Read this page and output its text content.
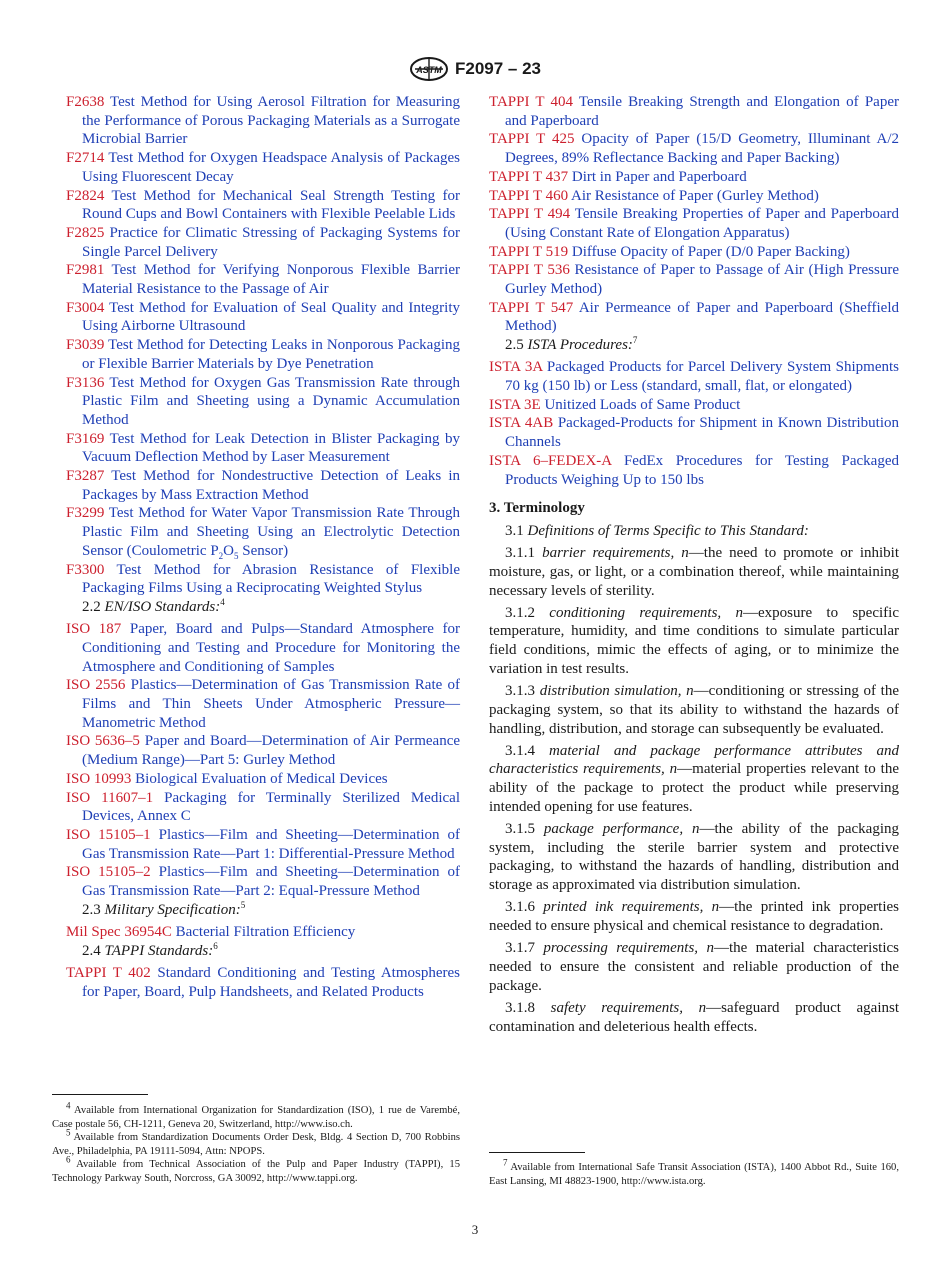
ASTM F2097 – 23

F2638 Test Method for Using Aerosol Filtration for Measuring the Performance of Porous Packaging Materials as a Surrogate Microbial Barrier

F2714 Test Method for Oxygen Headspace Analysis of Packages Using Fluorescent Decay

F2824 Test Method for Mechanical Seal Strength Testing for Round Cups and Bowl Containers with Flexible Peelable Lids

F2825 Practice for Climatic Stressing of Packaging Systems for Single Parcel Delivery

F2981 Test Method for Verifying Nonporous Flexible Barrier Material Resistance to the Passage of Air

F3004 Test Method for Evaluation of Seal Quality and Integrity Using Airborne Ultrasound

F3039 Test Method for Detecting Leaks in Nonporous Packaging or Flexible Barrier Materials by Dye Penetration

F3136 Test Method for Oxygen Gas Transmission Rate through Plastic Film and Sheeting using a Dynamic Accumulation Method

F3169 Test Method for Leak Detection in Blister Packaging by Vacuum Deflection Method by Laser Measurement

F3287 Test Method for Nondestructive Detection of Leaks in Packages by Mass Extraction Method

F3299 Test Method for Water Vapor Transmission Rate Through Plastic Film and Sheeting Using an Electrolytic Detection Sensor (Coulometric $P_2O_5$ Sensor)

F3300 Test Method for Abrasion Resistance of Flexible Packaging Films Using a Reciprocating Weighted Stylus

2.2 EN/ISO Standards:$^4$

ISO 187 Paper, Board and Pulps—Standard Atmosphere for Conditioning and Testing and Procedure for Monitoring the Atmosphere and Conditioning of Samples

ISO 2556 Plastics—Determination of Gas Transmission Rate of Films and Thin Sheets Under Atmospheric Pressure—Manometric Method

ISO 5636–5 Paper and Board—Determination of Air Permeance (Medium Range)—Part 5: Gurley Method

ISO 10993 Biological Evaluation of Medical Devices

ISO 11607–1 Packaging for Terminally Sterilized Medical Devices, Annex C

ISO 15105–1 Plastics—Film and Sheeting—Determination of Gas Transmission Rate—Part 1: Differential-Pressure Method

ISO 15105–2 Plastics—Film and Sheeting—Determination of Gas Transmission Rate—Part 2: Equal-Pressure Method

2.3 Military Specification:$^5$

Mil Spec 36954C Bacterial Filtration Efficiency

2.4 TAPPI Standards:$^6$

TAPPI T 402 Standard Conditioning and Testing Atmospheres for Paper, Board, Pulp Handsheets, and Related Products

TAPPI T 404 Tensile Breaking Strength and Elongation of Paper and Paperboard

TAPPI T 425 Opacity of Paper (15/D Geometry, Illuminant A/2 Degrees, 89% Reflectance Backing and Paper Backing)

TAPPI T 437 Dirt in Paper and Paperboard

TAPPI T 460 Air Resistance of Paper (Gurley Method)

TAPPI T 494 Tensile Breaking Properties of Paper and Paperboard (Using Constant Rate of Elongation Apparatus)

TAPPI T 519 Diffuse Opacity of Paper (D/0 Paper Backing)

TAPPI T 536 Resistance of Paper to Passage of Air (High Pressure Gurley Method)

TAPPI T 547 Air Permeance of Paper and Paperboard (Sheffield Method)

2.5 ISTA Procedures:$^7$

ISTA 3A Packaged Products for Parcel Delivery System Shipments 70 kg (150 lb) or Less (standard, small, flat, or elongated)

ISTA 3E Unitized Loads of Same Product

ISTA 4AB Packaged-Products for Shipment in Known Distribution Channels

ISTA 6–FEDEX-A FedEx Procedures for Testing Packaged Products Weighing Up to 150 lbs

3. Terminology

3.1 Definitions of Terms Specific to This Standard:

3.1.1 barrier requirements, n—the need to promote or inhibit moisture, gas, or light, or a combination thereof, while maintaining necessary levels of sterility.

3.1.2 conditioning requirements, n—exposure to specific temperature, humidity, and time conditions to simulate particular field conditions, mimic the effects of aging, or to minimize the variation in test results.

3.1.3 distribution simulation, n—conditioning or stressing of the packaging system, so that its ability to withstand the hazards of handling, distribution, and storage can subsequently be evaluated.

3.1.4 material and package performance attributes and characteristics requirements, n—material properties relevant to the ability of the package to protect the product while preserving intended opening for use features.

3.1.5 package performance, n—the ability of the packaging system, including the sterile barrier system and protective packaging, to withstand the hazards of handling, distribution and storage as approximated via distribution simulation.

3.1.6 printed ink requirements, n—the printed ink properties needed to ensure physical and chemical resistance to degradation.

3.1.7 processing requirements, n—the material characteristics needed to ensure the consistent and reliable production of the package.

3.1.8 safety requirements, n—safeguard product against contamination and deleterious health effects.

$^4$ Available from International Organization for Standardization (ISO), 1 rue de Varembé, Case postale 56, CH-1211, Geneva 20, Switzerland, http://www.iso.ch.

$^5$ Available from Standardization Documents Order Desk, Bldg. 4 Section D, 700 Robbins Ave., Philadelphia, PA 19111-5094, Attn: NPOPS.

$^6$ Available from Technical Association of the Pulp and Paper Industry (TAPPI), 15 Technology Parkway South, Norcross, GA 30092, http://www.tappi.org.

$^7$ Available from International Safe Transit Association (ISTA), 1400 Abbot Rd., Suite 160, East Lansing, MI 48823-1900, http://www.ista.org.

3
